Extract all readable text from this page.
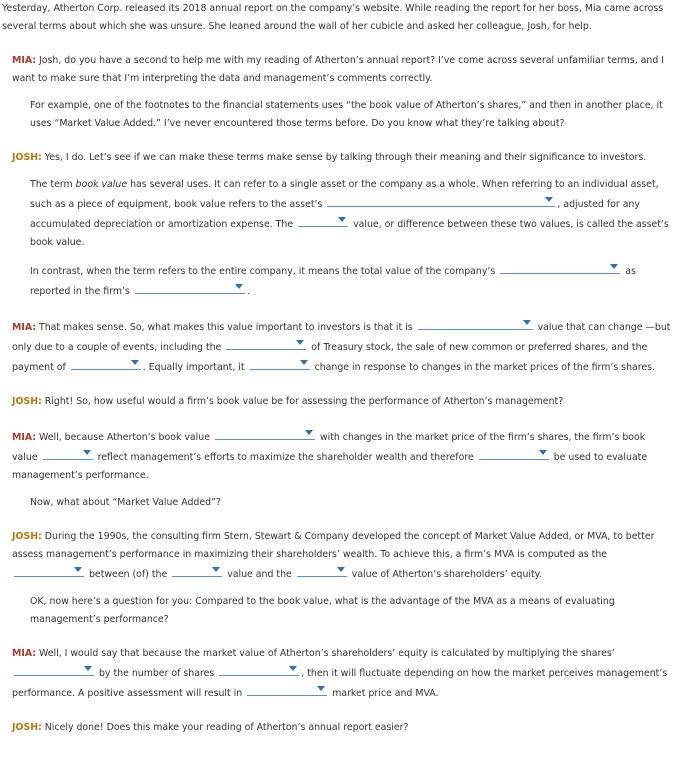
Yesterday, Atherton Corp. released its 2018 annual report on the company’s website. While reading the report for her boss, Mia came across several terms about which she was unsure. She leaned around the wall of her cubicle and asked her colleague, Josh, for help.

MIA: Josh, do you have a second to help me with my reading of Atherton’s annual report? I’ve come across several unfamiliar terms, and I want to make sure that I’m interpreting the data and management’s comments correctly.

For example, one of the footnotes to the financial statements uses “the book value of Atherton’s shares,” and then in another place, it uses “Market Value Added.” I’ve never encountered those terms before. Do you know what they’re talking about?

JOSH: Yes, I do. Let’s see if we can make these terms make sense by talking through their meaning and their significance to investors.

The term book value has several uses. It can refer to a single asset or the company as a whole. When referring to an individual asset, such as a piece of equipment, book value refers to the asset’s	, adjusted for any accumulated depreciation or amortization expense. The	value, or difference between these two values, is called the asset’s book value.
In contrast, when the term refers to the entire company, it means the total value of the company’s	as reported in the firm’s	.

MIA: That makes sense. So, what makes this value important to investors is that it is	value that can change —but only due to a couple of events, including the	of Treasury stock, the sale of new common or preferred shares, and the payment of	. Equally important, it	change in response to changes in the market prices of the firm’s shares.

JOSH: Right! So, how useful would a firm’s book value be for assessing the performance of Atherton’s management?

MIA: Well, because Atherton’s book value	with changes in the market price of the firm’s shares, the firm’s book value	reflect management’s efforts to maximize the shareholder wealth and therefore	be used to evaluate management’s performance.

Now, what about “Market Value Added”?

JOSH: During the 1990s, the consulting firm Stern, Stewart & Company developed the concept of Market Value Added, or MVA, to better assess management’s performance in maximizing their shareholders’ wealth. To achieve this, a firm’s MVA is computed as the
between (of) the	value and the	value of Atherton’s shareholders’ equity.

OK, now here’s a question for you: Compared to the book value, what is the advantage of the MVA as a means of evaluating management’s performance?

MIA: Well, I would say that because the market value of Atherton’s shareholders’ equity is calculated by multiplying the shares’
by the number of shares	, then it will fluctuate depending on how the market perceives management’s performance. A positive assessment will result in	market price and MVA.

JOSH: Nicely done! Does this make your reading of Atherton’s annual report easier?
